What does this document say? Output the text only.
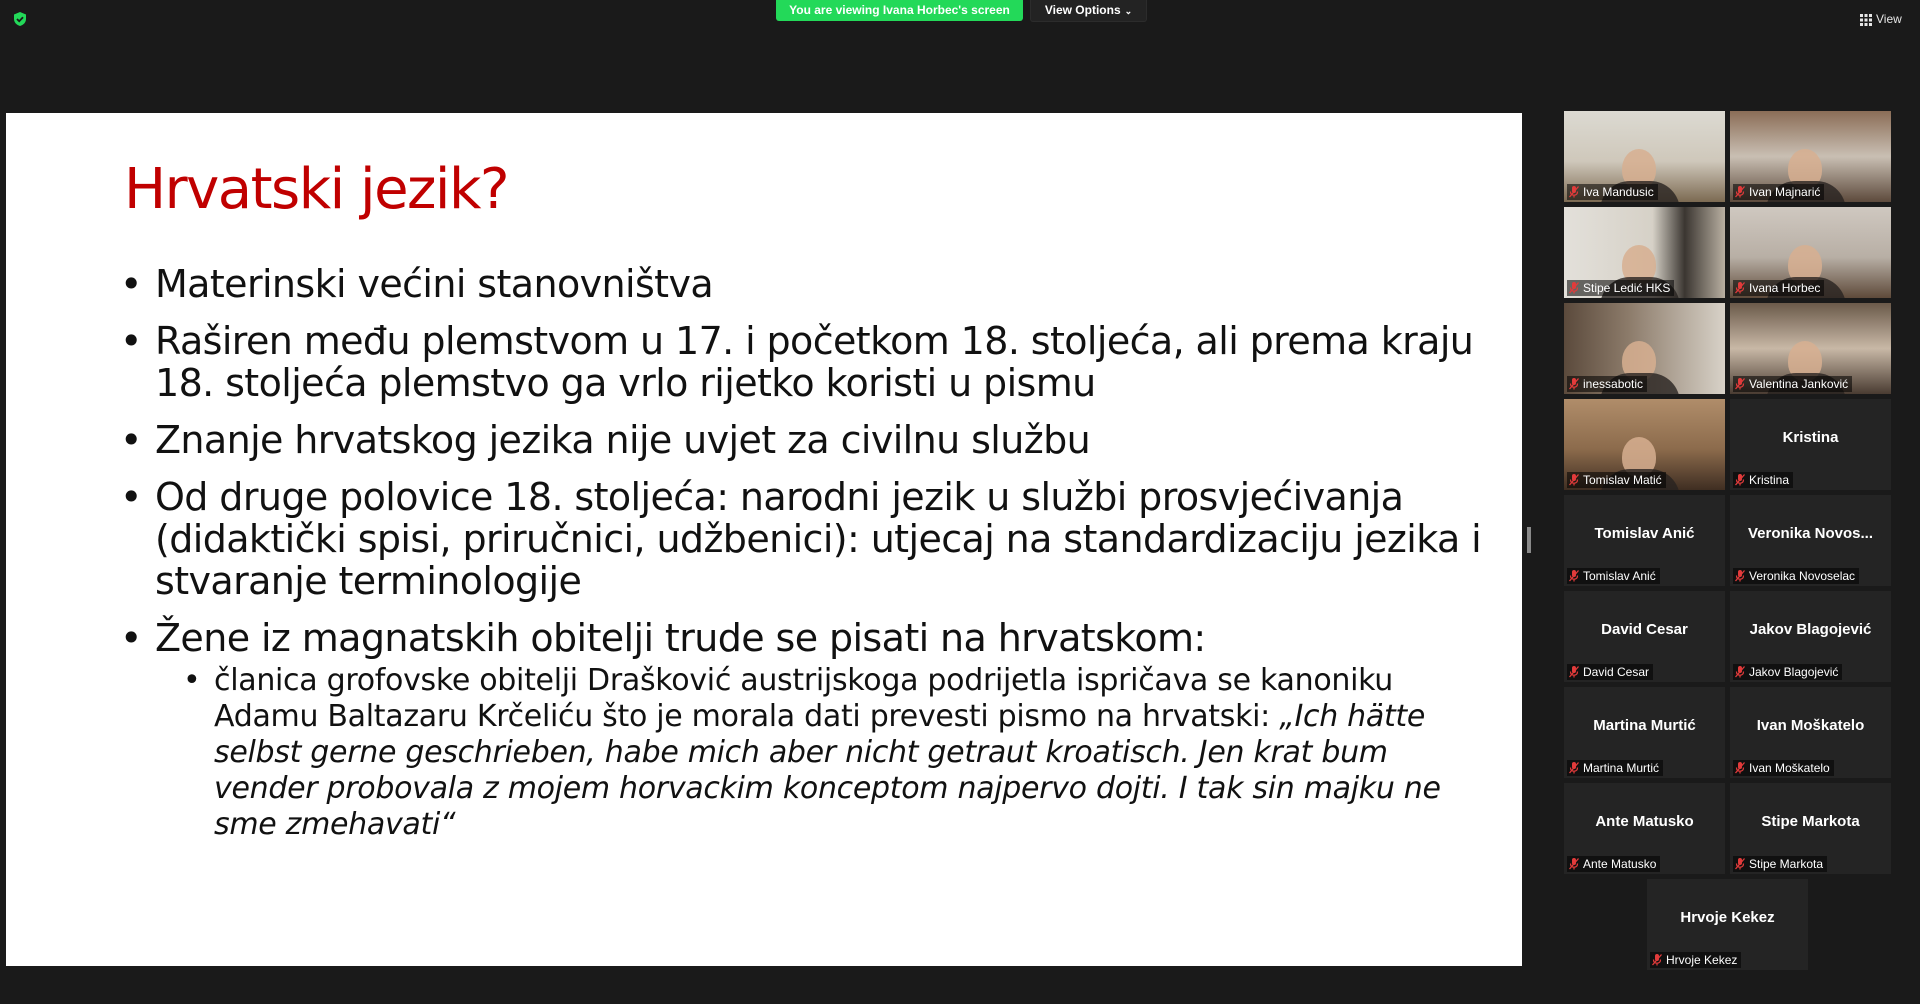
You are viewing Ivana Horbec's screen	View Options ⌄
View
Hrvatski jezik?
• Materinski većini stanovništva
• Raširen među plemstvom u 17. i početkom 18. stoljeća, ali prema kraju 18. stoljeća plemstvo ga vrlo rijetko koristi u pismu
• Znanje hrvatskog jezika nije uvjet za civilnu službu
• Od druge polovice 18. stoljeća: narodni jezik u službi prosvjećivanja (didaktički spisi, priručnici, udžbenici): utjecaj na standardizaciju jezika i stvaranje terminologije
• Žene iz magnatskih obitelji trude se pisati na hrvatskom:
• članica grofovske obitelji Drašković austrijskoga podrijetla ispričava se kanoniku Adamu Baltazaru Krčeliću što je morala dati prevesti pismo na hrvatski: „Ich hätte selbst gerne geschrieben, habe mich aber nicht getraut kroatisch. Jen krat bum vender probovala z mojem horvackim konceptom najpervo dojti. I tak sin majku ne sme zmehavati“
Iva Mandusic	Ivan Majnarić
Stipe Ledić HKS	Ivana Horbec
inessabotic	Valentina Janković
Tomislav Matić
Kristina
Kristina
Tomislav Anić
Tomislav Anić
Veronika Novos...
Veronika Novoselac
David Cesar
David Cesar
Jakov Blagojević
Jakov Blagojević
Martina Murtić
Martina Murtić
Ivan Moškatelo
Ivan Moškatelo
Ante Matusko
Ante Matusko
Stipe Markota
Stipe Markota
Hrvoje Kekez
Hrvoje Kekez
